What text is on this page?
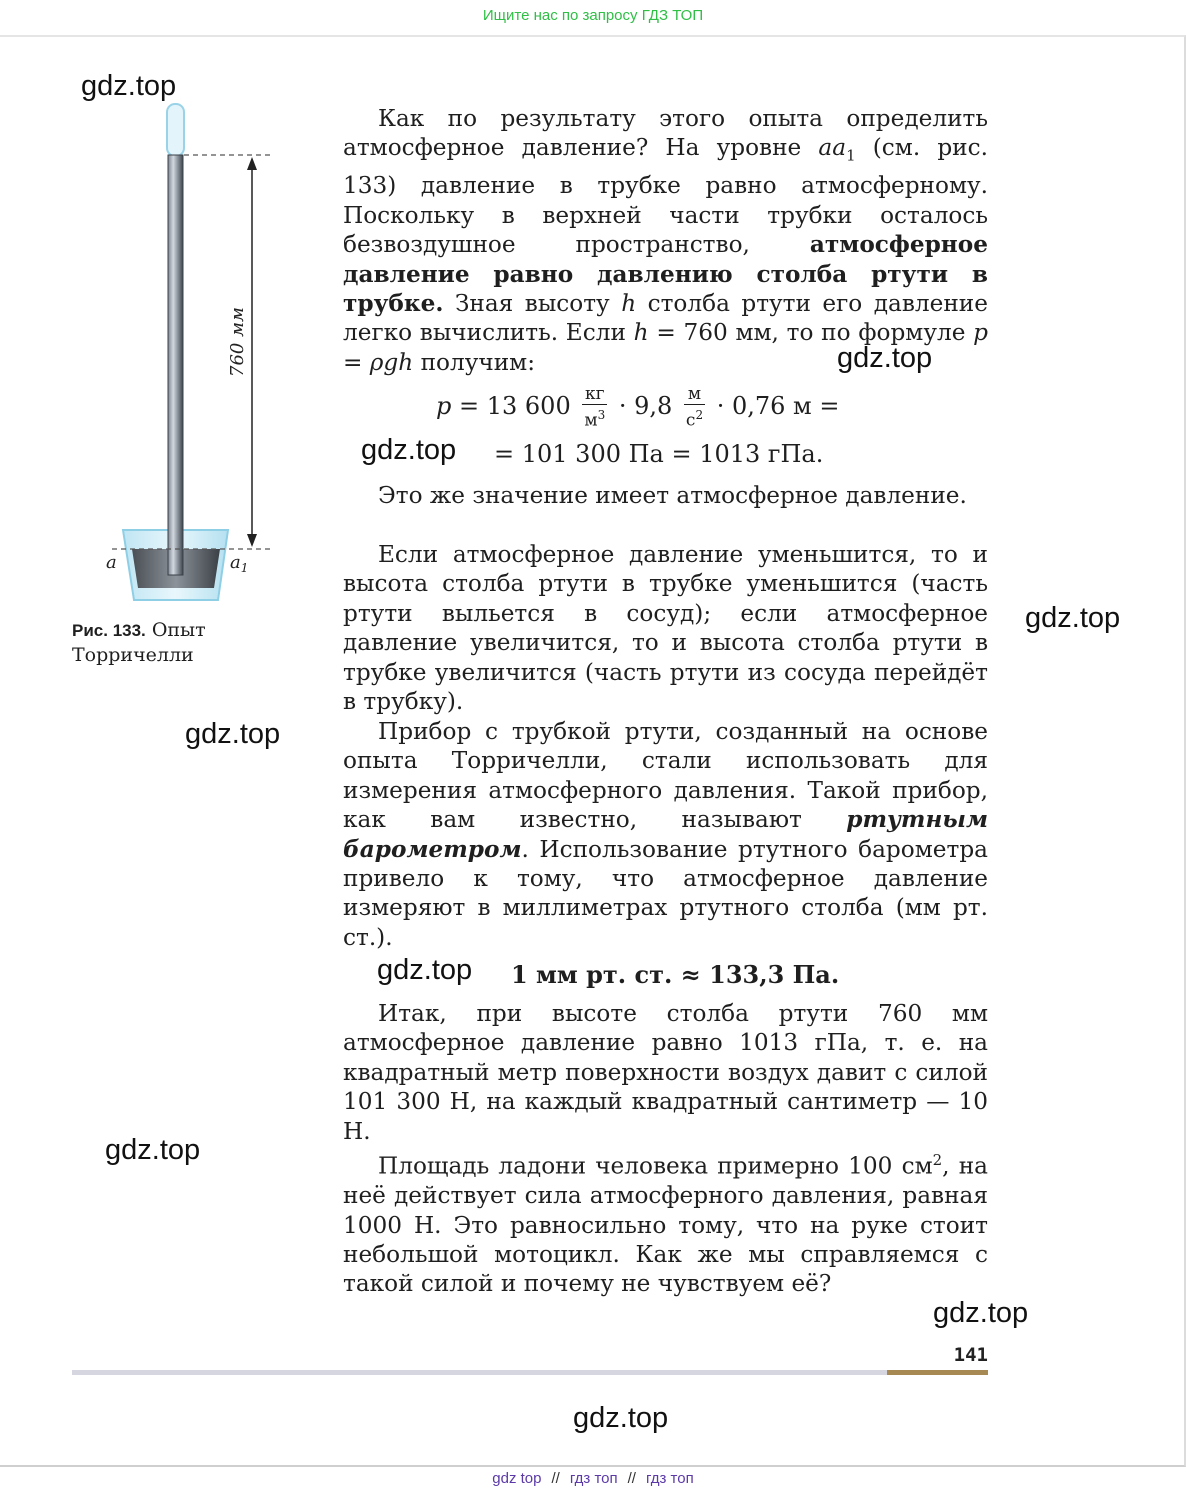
Ищите нас по запросу ГДЗ ТОП
760 мм
a	$a_1$
Рис. 133. Опыт Торричелли

Как по результату этого опыта определить атмосферное давление? На уровне $aa_1$ (см. рис. 133) давление в трубке равно атмосферному. Поскольку в верхней части трубки осталось безвоздушное пространство, атмосферное давление равно давлению столба ртути в трубке. Зная высоту h столба ртути его давление легко вычислить. Если h = 760 мм, то по формуле p = ρgh получим:

p = 13 $600 \frac{кг}{м^3} \cdot 9,8 \frac{м}{с^2} \cdot 0,76$ м =
= 101 300 Па = 1013 гПа.

Это же значение имеет атмосферное давление.

Если атмосферное давление уменьшится, то и высота столба ртути в трубке уменьшится (часть ртути выльется в сосуд); если атмосферное давление увеличится, то и высота столба ртути в трубке увеличится (часть ртути из сосуда перейдёт в трубку).

Прибор с трубкой ртути, созданный на основе опыта Торричелли, стали использовать для измерения атмосферного давления. Такой прибор, как вам известно, называют ртутным барометром. Использование ртутного барометра привело к тому, что атмосферное давление измеряют в миллиметрах ртутного столба (мм рт. ст.).

1 мм рт. ст. ≈ 133,3 Па.

Итак, при высоте столба ртути 760 мм атмосферное давление равно 1013 гПа, т. е. на квадратный метр поверхности воздух давит с силой 101 300 Н, на каждый квадратный сантиметр — 10 Н.

Площадь ладони человека примерно 100 $см^2$, на неё действует сила атмосферного давления, равная 1000 Н. Это равносильно тому, что на руке стоит небольшой мотоцикл. Как же мы справляемся с такой силой и почему не чувствуем её?

141
gdz.top
gdz.top
gdz.top
gdz.top
gdz.top
gdz.top
gdz.top
gdz.top
gdz.top
gdz top // гдз топ // гдз топ
